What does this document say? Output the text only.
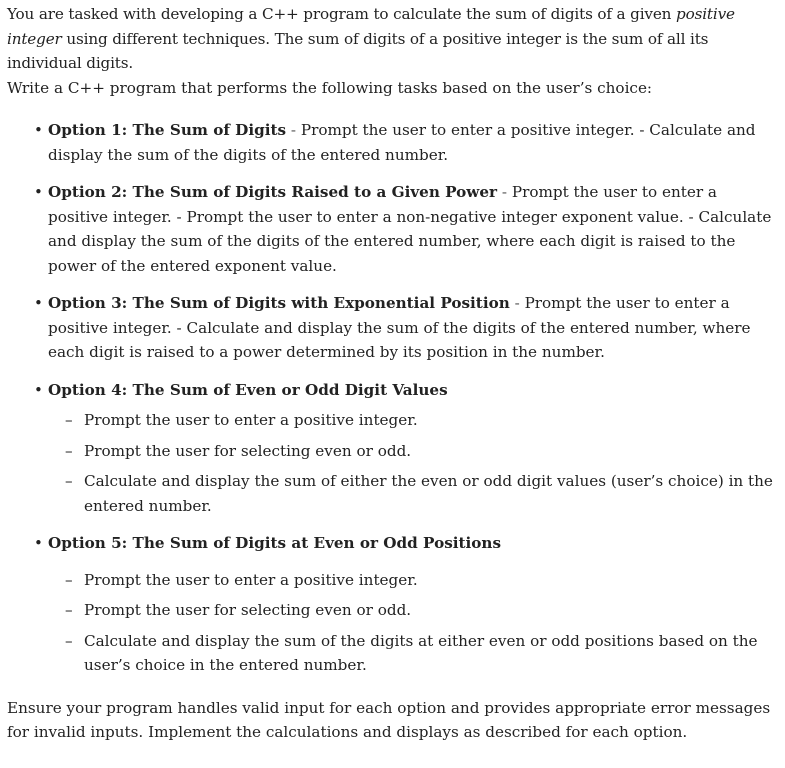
You are tasked with developing a C++ program to calculate the sum of digits of a given positive integer using different techniques. The sum of digits of a positive integer is the sum of all its individual digits.

Write a C++ program that performs the following tasks based on the user’s choice:

• Option 1: The Sum of Digits - Prompt the user to enter a positive integer. - Calculate and display the sum of the digits of the entered number.
• Option 2: The Sum of Digits Raised to a Given Power - Prompt the user to enter a positive integer. - Prompt the user to enter a non-negative integer exponent value. - Calculate and display the sum of the digits of the entered number, where each digit is raised to the power of the entered exponent value.
• Option 3: The Sum of Digits with Exponential Position - Prompt the user to enter a positive integer. - Calculate and display the sum of the digits of the entered number, where each digit is raised to a power determined by its position in the number.
• Option 4: The Sum of Even or Odd Digit Values
– Prompt the user to enter a positive integer.
– Prompt the user for selecting even or odd.
– Calculate and display the sum of either the even or odd digit values (user’s choice) in the entered number.
• Option 5: The Sum of Digits at Even or Odd Positions
– Prompt the user to enter a positive integer.
– Prompt the user for selecting even or odd.
– Calculate and display the sum of the digits at either even or odd positions based on the user’s choice in the entered number.

Ensure your program handles valid input for each option and provides appropriate error messages for invalid inputs. Implement the calculations and displays as described for each option.
